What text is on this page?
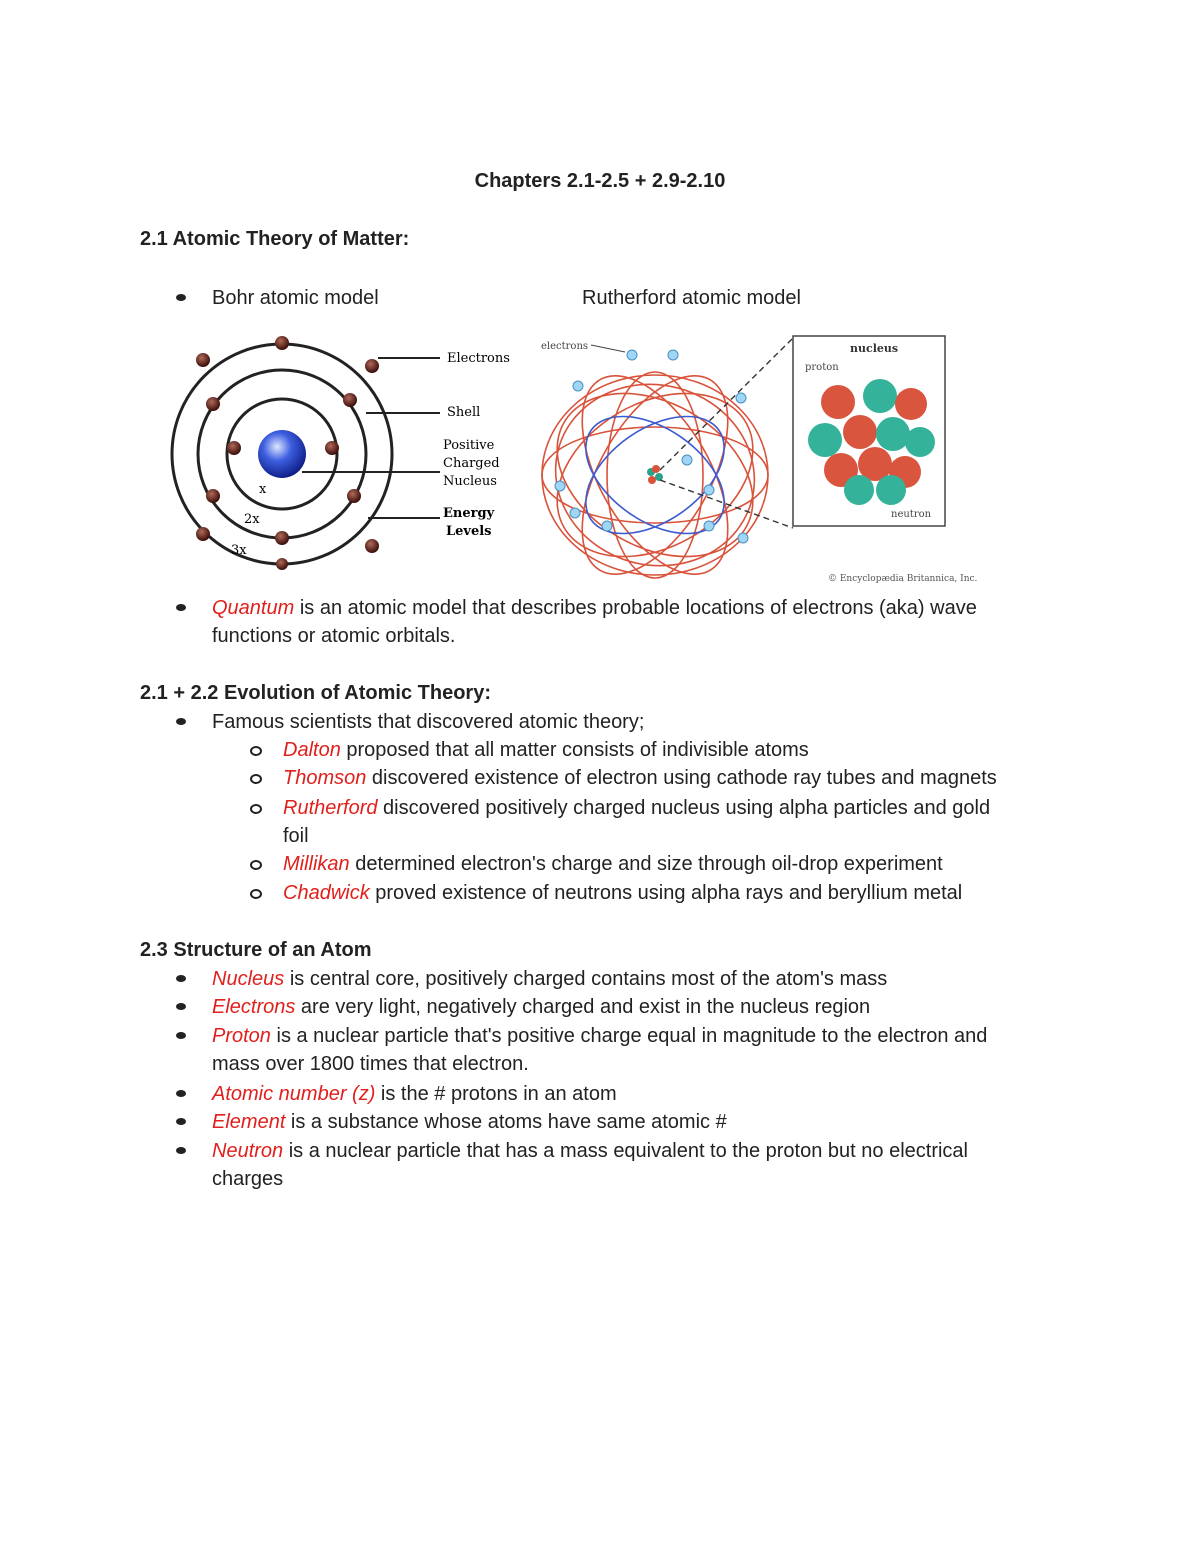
Chapters 2.1-2.5 + 2.9-2.10
2.1 Atomic Theory of Matter:
Bohr atomic model	Rutherford atomic model
Electrons
Shell
Positive
Charged
Nucleus
Energy
Levels
x
2x
3x
electrons	nucleus
proton
neutron
© Encyclopædia Britannica, Inc.
Quantum is an atomic model that describes probable locations of electrons (aka) wave
functions or atomic orbitals.
2.1 + 2.2 Evolution of Atomic Theory:
Famous scientists that discovered atomic theory;
Dalton proposed that all matter consists of indivisible atoms
Thomson discovered existence of electron using cathode ray tubes and magnets
Rutherford discovered positively charged nucleus using alpha particles and gold
foil
Millikan determined electron's charge and size through oil-drop experiment
Chadwick proved existence of neutrons using alpha rays and beryllium metal
2.3 Structure of an Atom
Nucleus is central core, positively charged contains most of the atom's mass
Electrons are very light, negatively charged and exist in the nucleus region
Proton is a nuclear particle that's positive charge equal in magnitude to the electron and
mass over 1800 times that electron.
Atomic number (z) is the # protons in an atom
Element is a substance whose atoms have same atomic #
Neutron is a nuclear particle that has a mass equivalent to the proton but no electrical
charges
